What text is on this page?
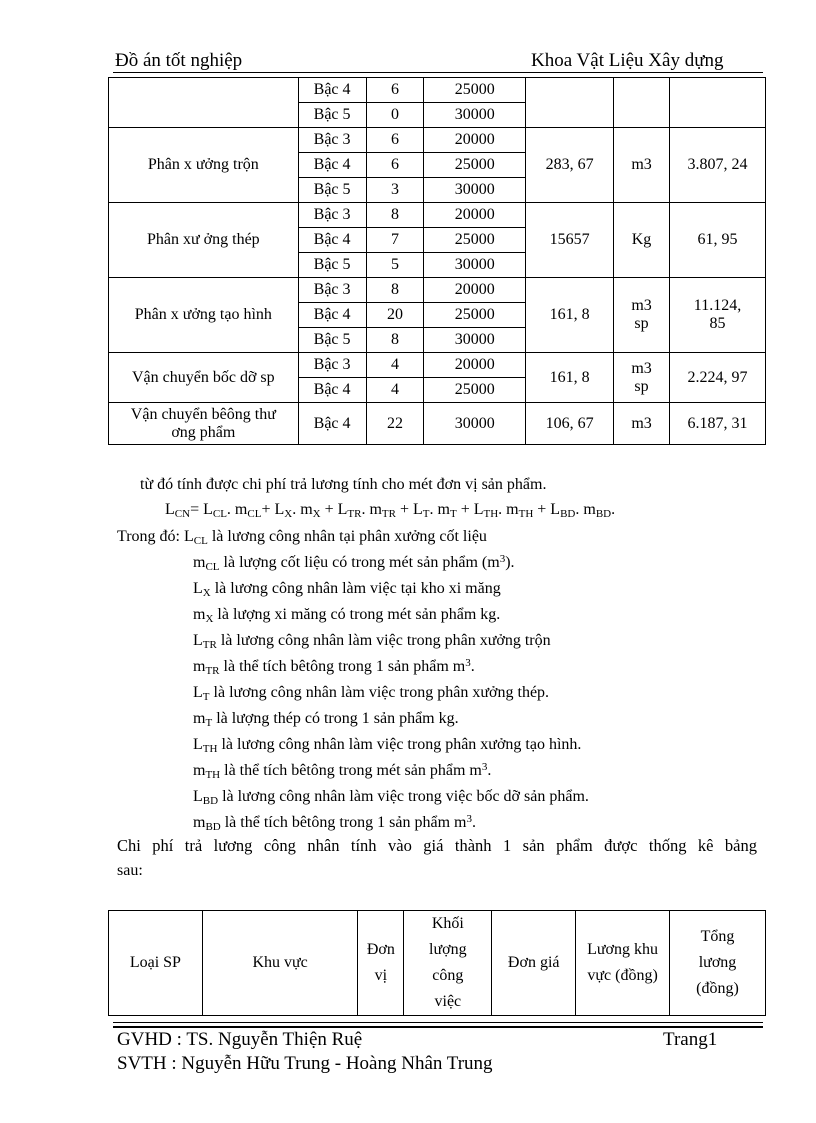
Đồ án tốt nghiệp	Khoa Vật Liệu Xây dựng
	Bậc 4	6	25000			
	Bậc 5	0	30000			
Phân x ưởng trộn	Bậc 3	6	20000	283, 67	m3	3.807, 24
	Bậc 4	6	25000			
	Bậc 5	3	30000			
Phân xư ởng thép	Bậc 3	8	20000	15657	Kg	61, 95
	Bậc 4	7	25000			
	Bậc 5	5	30000			
Phân x ưởng tạo hình	Bậc 3	8	20000	161, 8	m3 sp	11.124, 85
	Bậc 4	20	25000			
	Bậc 5	8	30000			
Vận chuyển bốc dỡ sp	Bậc 3	4	20000	161, 8	m3 sp	2.224, 97
	Bậc 4	4	25000			
Vận chuyển bêông thư ơng phẩm	Bậc 4	22	30000	106, 67	m3	6.187, 31
từ đó tính được chi phí trả lương tính cho mét đơn vị sản phẩm.
$L_{CN}= L_{CL}$. $m_{CL}+ L_X$. $m_X + L_{TR}$. $m_{TR} + L_T$. $m_T + L_{TH}$. $m_{TH} + L_{BD}$. $m_{BD}$.
Trong đó: $L_{CL}$ là lương công nhân tại phân xưởng cốt liệu
$m_{CL}$ là lượng cốt liệu có trong mét sản phẩm $(m^3)$.
$L_X$ là lương công nhân làm việc tại kho xi măng
$m_X$ là lượng xi măng có trong mét sản phẩm kg.
$L_{TR}$ là lương công nhân làm việc trong phân xưởng trộn
$m_{TR}$ là thể tích bêtông trong 1 sản phẩm $m^3$.
$L_T$ là lương công nhân làm việc trong phân xưởng thép.
$m_T$ là lượng thép có trong 1 sản phẩm kg.
$L_{TH}$ là lương công nhân làm việc trong phân xưởng tạo hình.
$m_{TH}$ là thể tích bêtông trong mét sản phẩm $m^3$.
$L_{BD}$ là lương công nhân làm việc trong việc bốc dỡ sản phẩm.
$m_{BD}$ là thể tích bêtông trong 1 sản phẩm $m^3$.
Chi phí trả lương công nhân tính vào giá thành 1 sản phẩm được thống kê bảng
sau:
Loại SP	Khu vực	Đơn vị	Khối lượng công việc	Đơn giá	Lương khu vực (đồng)	Tổng lương (đồng)
GVHD : TS. Nguyễn Thiện Ruệ	Trang1
SVTH : Nguyễn Hữu Trung - Hoàng Nhân Trung
